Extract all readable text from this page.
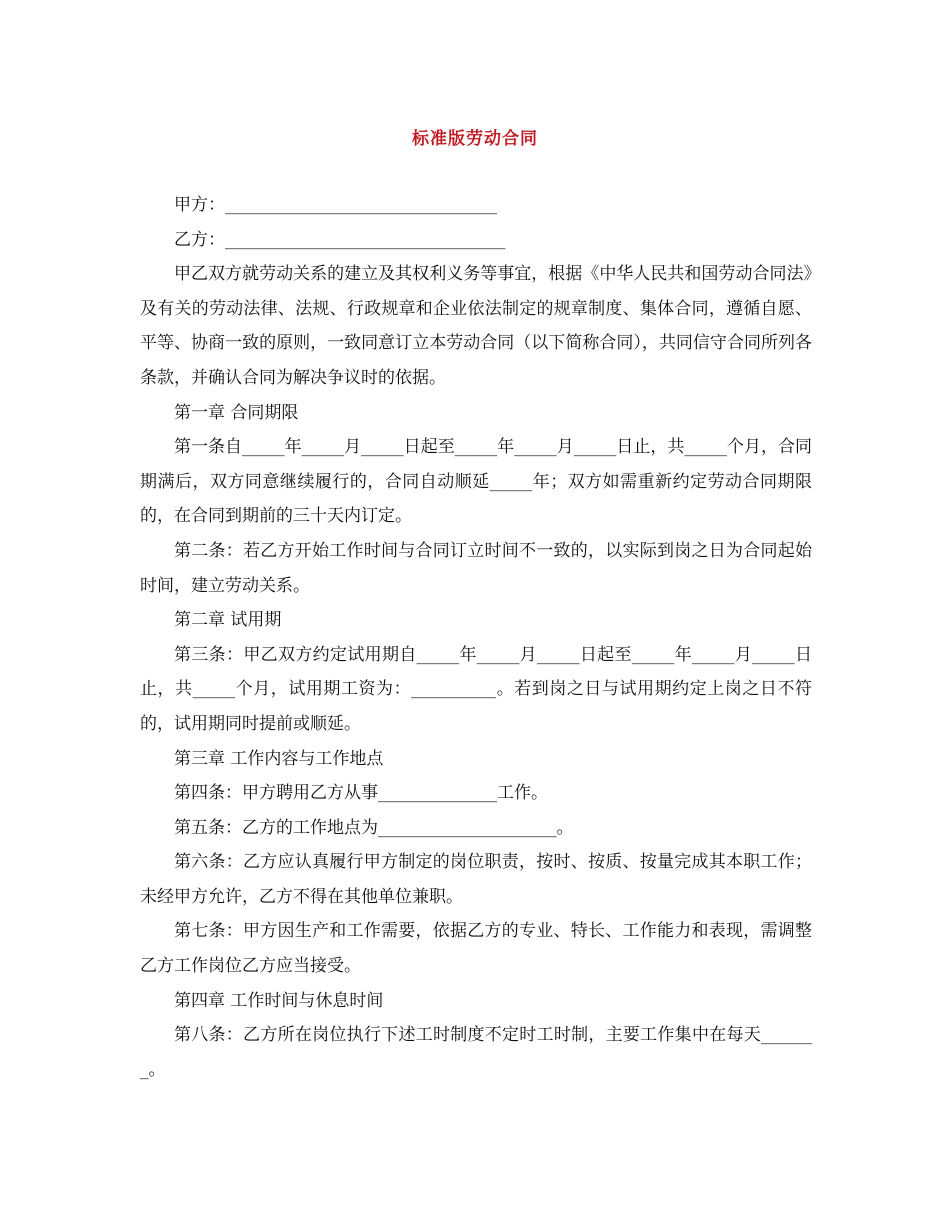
标准版劳动合同

甲方：________________________________

乙方：_________________________________

甲乙双方就劳动关系的建立及其权利义务等事宜，根据《中华人民共和国劳动合同法》及有关的劳动法律、法规、行政规章和企业依法制定的规章制度、集体合同，遵循自愿、平等、协商一致的原则，一致同意订立本劳动合同（以下简称合同），共同信守合同所列各条款，并确认合同为解决争议时的依据。

第一章 合同期限

第一条自_____年_____月_____日起至_____年_____月_____日止，共_____个月，合同期满后，双方同意继续履行的，合同自动顺延_____年；双方如需重新约定劳动合同期限的，在合同到期前的三十天内订定。

第二条：若乙方开始工作时间与合同订立时间不一致的，以实际到岗之日为合同起始时间，建立劳动关系。

第二章 试用期

第三条：甲乙双方约定试用期自_____年_____月_____日起至_____年_____月_____日止，共_____个月，试用期工资为：__________。若到岗之日与试用期约定上岗之日不符的，试用期同时提前或顺延。

第三章 工作内容与工作地点

第四条：甲方聘用乙方从事______________工作。

第五条：乙方的工作地点为_____________________。

第六条：乙方应认真履行甲方制定的岗位职责，按时、按质、按量完成其本职工作；未经甲方允许，乙方不得在其他单位兼职。

第七条：甲方因生产和工作需要，依据乙方的专业、特长、工作能力和表现，需调整乙方工作岗位乙方应当接受。

第四章 工作时间与休息时间

第八条：乙方所在岗位执行下述工时制度不定时工时制，主要工作集中在每天_______。
